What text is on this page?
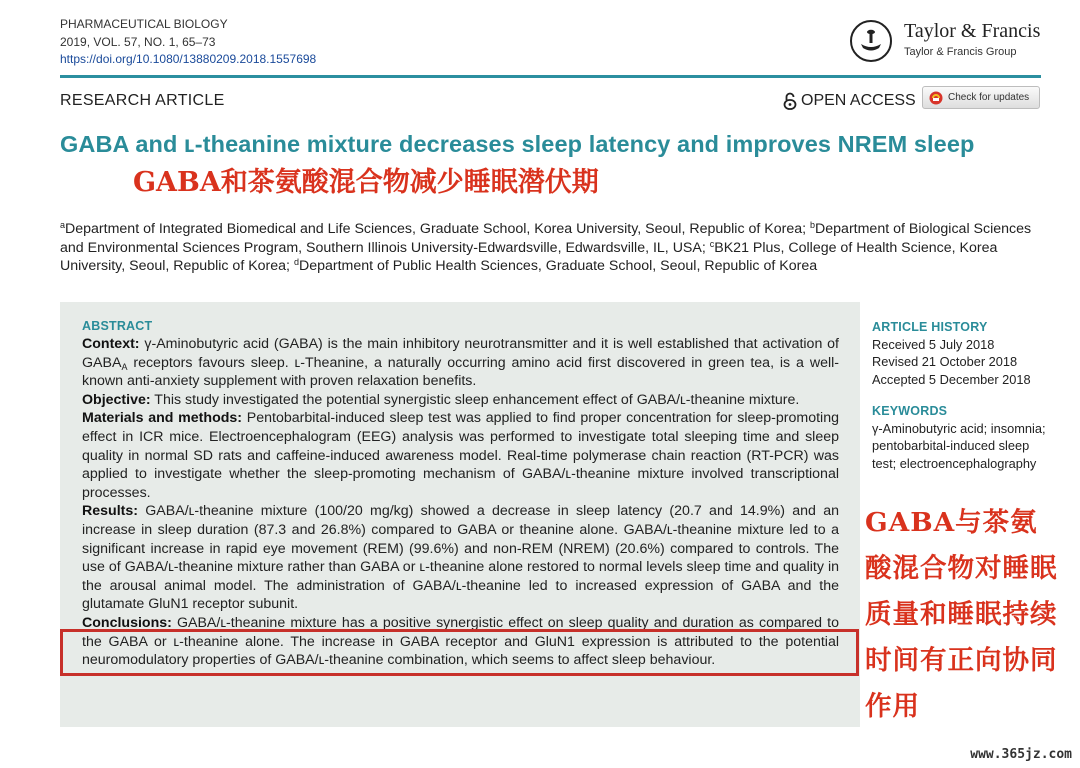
PHARMACEUTICAL BIOLOGY
2019, VOL. 57, NO. 1, 65–73
https://doi.org/10.1080/13880209.2018.1557698
Taylor & Francis
Taylor & Francis Group
RESEARCH ARTICLE	OPEN ACCESS	Check for updates
GABA and ʟ-theanine mixture decreases sleep latency and improves NREM sleep
GABA和茶氨酸混合物减少睡眠潜伏期
$^a$Department of Integrated Biomedical and Life Sciences, Graduate School, Korea University, Seoul, Republic of Korea; $^b$Department of Biological Sciences and Environmental Sciences Program, Southern Illinois University-Edwardsville, Edwardsville, IL, USA; $^c$BK21 Plus, College of Health Science, Korea University, Seoul, Republic of Korea; $^d$Department of Public Health Sciences, Graduate School, Seoul, Republic of Korea
ABSTRACT

Context: γ-Aminobutyric acid (GABA) is the main inhibitory neurotransmitter and it is well established that activation of $GABA_A$ receptors favours sleep. ʟ-Theanine, a naturally occurring amino acid first discovered in green tea, is a well-known anti-anxiety supplement with proven relaxation benefits.

Objective: This study investigated the potential synergistic sleep enhancement effect of GABA/ʟ-theanine mixture.

Materials and methods: Pentobarbital-induced sleep test was applied to find proper concentration for sleep-promoting effect in ICR mice. Electroencephalogram (EEG) analysis was performed to investigate total sleeping time and sleep quality in normal SD rats and caffeine-induced awareness model. Real-time polymerase chain reaction (RT-PCR) was applied to investigate whether the sleep-promoting mechanism of GABA/ʟ-theanine mixture involved transcriptional processes.

Results: GABA/ʟ-theanine mixture (100/20 mg/kg) showed a decrease in sleep latency (20.7 and 14.9%) and an increase in sleep duration (87.3 and 26.8%) compared to GABA or theanine alone. GABA/ʟ-theanine mixture led to a significant increase in rapid eye movement (REM) (99.6%) and non-REM (NREM) (20.6%) compared to controls. The use of GABA/ʟ-theanine mixture rather than GABA or ʟ-theanine alone restored to normal levels sleep time and quality in the arousal animal model. The administration of GABA/ʟ-theanine led to increased expression of GABA and the glutamate GluN1 receptor subunit.

Conclusions: GABA/ʟ-theanine mixture has a positive synergistic effect on sleep quality and duration as compared to the GABA or ʟ-theanine alone. The increase in GABA receptor and GluN1 expression is attributed to the potential neuromodulatory properties of GABA/ʟ-theanine combination, which seems to affect sleep behaviour.

ARTICLE HISTORY
Received 5 July 2018
Revised 21 October 2018
Accepted 5 December 2018
KEYWORDS
γ-Aminobutyric acid; insomnia; pentobarbital-induced sleep test; electroencephalography
GABA与茶氨酸混合物对睡眠质量和睡眠持续时间有正向协同作用
www.365jz.com
